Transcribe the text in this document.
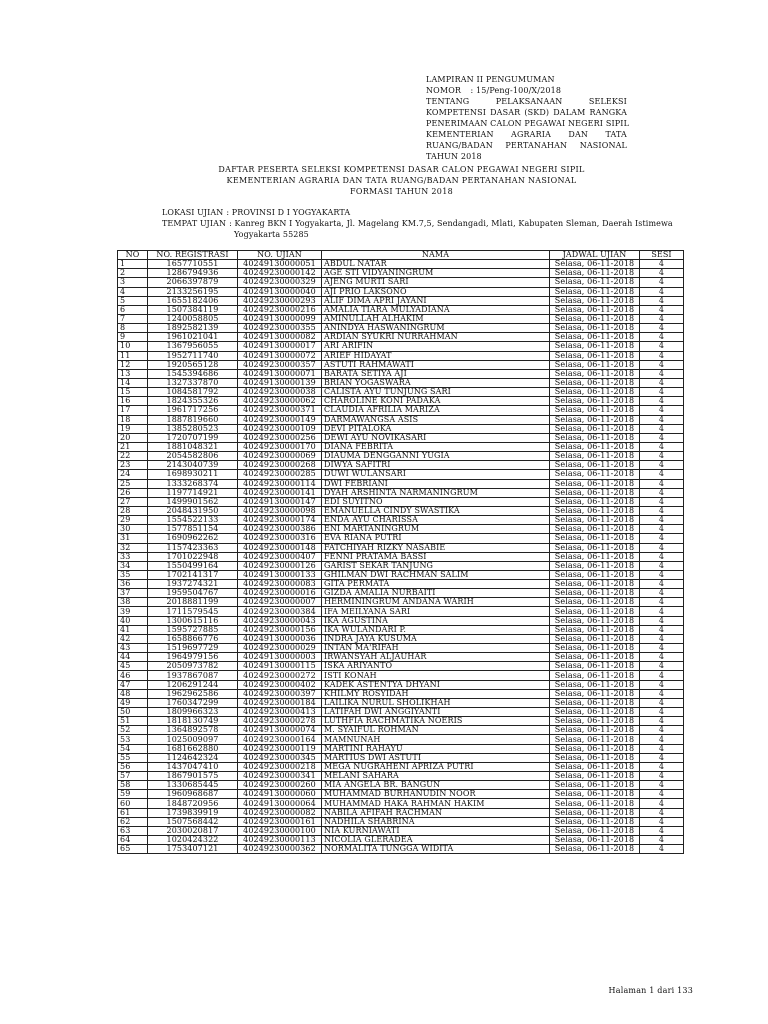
LAMPIRAN II PENGUMUMAN
NOMOR : 15/Peng-100/X/2018
TENTANG PELAKSANAAN SELEKSI
KOMPETENSI DASAR (SKD) DALAM RANGKA
PENERIMAAN CALON PEGAWAI NEGERI SIPIL
KEMENTERIAN AGRARIA DAN TATA
RUANG/BADAN PERTANAHAN NASIONAL
TAHUN 2018
DAFTAR PESERTA SELEKSI KOMPETENSI DASAR CALON PEGAWAI NEGERI SIPIL
KEMENTERIAN AGRARIA DAN TATA RUANG/BADAN PERTANAHAN NASIONAL
FORMASI TAHUN 2018
LOKASI UJIAN : PROVINSI D I YOGYAKARTA
TEMPAT UJIAN : Kanreg BKN I Yogyakarta, Jl. Magelang KM.7,5, Sendangadi, Mlati, Kabupaten Sleman, Daerah Istimewa
Yogyakarta 55285
NO	NO. REGISTRASI	NO. UJIAN	NAMA	JADWAL UJIAN	SESI
1	1657710551	40249130000051	ABDUL NATAR	Selasa, 06-11-2018	4
2	1286794936	40249230000142	AGE STI VIDYANINGRUM	Selasa, 06-11-2018	4
3	2066397879	40249230000329	AJENG MURTI SARI	Selasa, 06-11-2018	4
4	2133256195	40249130000040	AJI PRIO LAKSONO	Selasa, 06-11-2018	4
5	1655182406	40249230000293	ALIF DIMA APRI JAYANI	Selasa, 06-11-2018	4
6	1507384119	40249230000216	AMALIA TIARA MULYADIANA	Selasa, 06-11-2018	4
7	1240058805	40249130000099	AMINULLAH ALHAKIM	Selasa, 06-11-2018	4
8	1892582139	40249230000355	ANINDYA HASWANINGRUM	Selasa, 06-11-2018	4
9	1961021041	40249130000082	ARDIAN SYUKRI NURRAHMAN	Selasa, 06-11-2018	4
10	1367956055	40249130000017	ARI ARIFIN	Selasa, 06-11-2018	4
11	1952711740	40249130000072	ARIEF HIDAYAT	Selasa, 06-11-2018	4
12	1920565128	40249230000357	ASTUTI RAHMAWATI	Selasa, 06-11-2018	4
13	1545394686	40249130000071	BARATA SETIYA AJI	Selasa, 06-11-2018	4
14	1327337870	40249130000139	BRIAN YOGASWARA	Selasa, 06-11-2018	4
15	1084581792	40249230000038	CALISTA AYU TUNJUNG SARI	Selasa, 06-11-2018	4
16	1824355326	40249230000062	CHAROLINE KONI PADAKA	Selasa, 06-11-2018	4
17	1961717256	40249230000371	CLAUDIA AFRILIA MARIZA	Selasa, 06-11-2018	4
18	1887819660	40249230000149	DARMAWANGSA ASIS	Selasa, 06-11-2018	4
19	1385280523	40249230000109	DEVI PITALOKA	Selasa, 06-11-2018	4
20	1720707199	40249230000256	DEWI AYU NOVIKASARI	Selasa, 06-11-2018	4
21	1881048321	40249230000170	DIANA FEBRITA	Selasa, 06-11-2018	4
22	2054582806	40249230000069	DIAUMA DENGGANNI YUGIA	Selasa, 06-11-2018	4
23	2143040739	40249230000268	DIWYA SAFITRI	Selasa, 06-11-2018	4
24	1698930211	40249230000285	DUWI WULANSARI	Selasa, 06-11-2018	4
25	1333268374	40249230000114	DWI FEBRIANI	Selasa, 06-11-2018	4
26	1197714921	40249230000141	DYAH ARSHINTA NARMANINGRUM	Selasa, 06-11-2018	4
27	1499901562	40249130000147	EDI SUYITNO	Selasa, 06-11-2018	4
28	2048431950	40249230000098	EMANUELLA CINDY SWASTIKA	Selasa, 06-11-2018	4
29	1554522133	40249230000174	ENDA AYU CHARISSA	Selasa, 06-11-2018	4
30	1577851154	40249230000386	ENI MARTANINGRUM	Selasa, 06-11-2018	4
31	1690962262	40249230000316	EVA RIANA PUTRI	Selasa, 06-11-2018	4
32	1157423363	40249230000148	FATCHIYAH RIZKY NASABIE	Selasa, 06-11-2018	4
33	1701022948	40249230000407	FENNI PRATAMA BASSI	Selasa, 06-11-2018	4
34	1550499164	40249230000126	GARIST SEKAR TANJUNG	Selasa, 06-11-2018	4
35	1702141317	40249130000133	GHILMAN DWI RACHMAN SALIM	Selasa, 06-11-2018	4
36	1937274321	40249230000083	GITA PERMATA	Selasa, 06-11-2018	4
37	1959504767	40249230000016	GIZDA AMALIA NURBAITI	Selasa, 06-11-2018	4
38	2018881199	40249230000007	HERMININGRUM ANDANA WARIH	Selasa, 06-11-2018	4
39	1711579545	40249230000384	IFA MEILYANA SARI	Selasa, 06-11-2018	4
40	1300615116	40249230000043	IKA AGUSTINA	Selasa, 06-11-2018	4
41	1595727885	40249230000156	IKA WULANDARI P.	Selasa, 06-11-2018	4
42	1658866776	40249130000036	INDRA JAYA KUSUMA	Selasa, 06-11-2018	4
43	1519697729	40249230000029	INTAN MA'RIFAH	Selasa, 06-11-2018	4
44	1964979156	40249130000003	IRWANSYAH ALJAUHAR	Selasa, 06-11-2018	4
45	2050973782	40249130000115	ISKA ARIYANTO	Selasa, 06-11-2018	4
46	1937867087	40249230000272	ISTI KONAH	Selasa, 06-11-2018	4
47	1206291244	40249230000402	KADEK ASTENTYA DHYANI	Selasa, 06-11-2018	4
48	1962962586	40249230000397	KHILMY ROSYIDAH	Selasa, 06-11-2018	4
49	1760347299	40249230000184	LAILIKA NURUL SHOLIKHAH	Selasa, 06-11-2018	4
50	1809966323	40249230000413	LATIFAH DWI ANGGIYANTI	Selasa, 06-11-2018	4
51	1818130749	40249230000278	LUTHFIA RACHMATIKA NOERIS	Selasa, 06-11-2018	4
52	1364892578	40249130000074	M. SYAIFUL ROHMAN	Selasa, 06-11-2018	4
53	1025009097	40249230000164	MAMNUNAH	Selasa, 06-11-2018	4
54	1681662880	40249230000119	MARTINI RAHAYU	Selasa, 06-11-2018	4
55	1124642324	40249230000345	MARTIUS DWI ASTUTI	Selasa, 06-11-2018	4
56	1437047410	40249230000218	MEGA NUGRAHENI APRIZA PUTRI	Selasa, 06-11-2018	4
57	1867901575	40249230000341	MELANI SAHARA	Selasa, 06-11-2018	4
58	1330685445	40249230000260	MIA ANGELA BR. BANGUN	Selasa, 06-11-2018	4
59	1960968687	40249130000060	MUHAMMAD BURHANUDIN NOOR	Selasa, 06-11-2018	4
60	1848720956	40249130000064	MUHAMMAD HAKA RAHMAN HAKIM	Selasa, 06-11-2018	4
61	1739839919	40249230000082	NABILA AFIFAH RACHMAN	Selasa, 06-11-2018	4
62	1507568442	40249230000161	NADHILA SHABRINA	Selasa, 06-11-2018	4
63	2030020817	40249230000100	NIA KURNIAWATI	Selasa, 06-11-2018	4
64	1020424322	40249230000113	NICOLIA GLERADEA	Selasa, 06-11-2018	4
65	1753407121	40249230000362	NORMALITA TUNGGA WIDITA	Selasa, 06-11-2018	4
Halaman 1 dari 133
